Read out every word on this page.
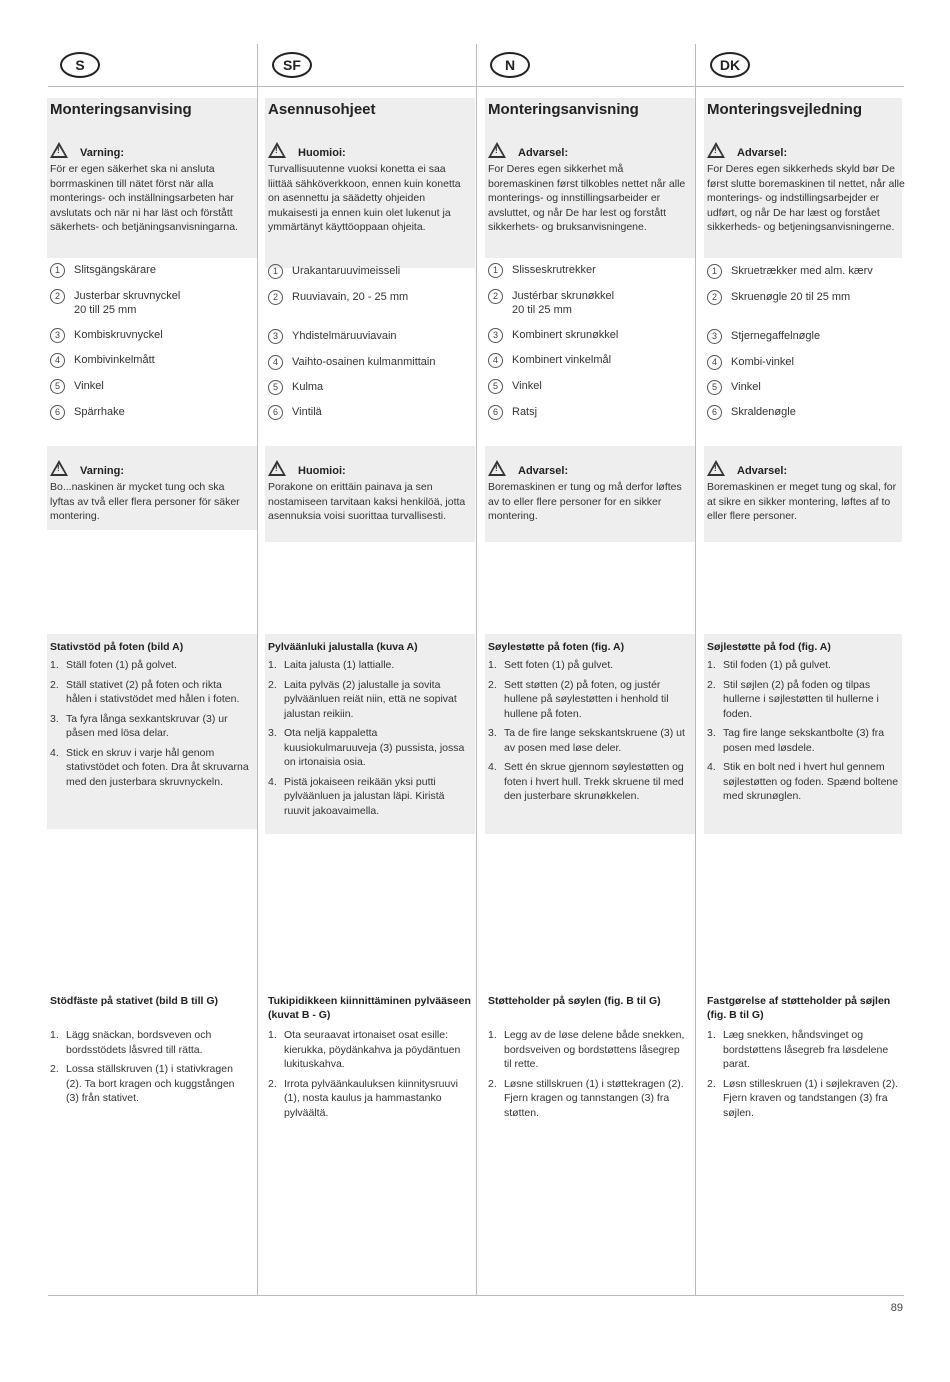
S	SF	N	DK
Monteringsanvising
!Varning:
För er egen säkerhet ska ni ansluta borrmaskinen till nätet först när alla monterings- och inställningsarbeten har avslutats och när ni har läst och förstått säkerhets- och betjäningsanvisningarna.
1	Slitsgängskärare
2	Justerbar skruvnyckel
20 till 25 mm
3	Kombiskruvnyckel
4	Kombivinkelmått
5	Vinkel
6	Spärrhake
!Varning:
Bo...naskinen är mycket tung och ska lyftas av två eller flera personer för säker montering.
Stativstöd på foten (bild A)
1. Ställ foten (1) på golvet.
2. Ställ stativet (2) på foten och rikta hålen i stativstödet med hålen i foten.
3. Ta fyra långa sexkantskruvar (3) ur påsen med lösa delar.
4. Stick en skruv i varje hål genom stativstödet och foten. Dra åt skruvarna med den justerbara skruvnyckeln.
Stödfäste på stativet (bild B till G)
1. Lägg snäckan, bordsveven och bordsstödets låsvred till rätta.
2. Lossa ställskruven (1) i stativkragen (2). Ta bort kragen och kuggstången (3) från stativet.
Asennusohjeet
!Huomioi:
Turvallisuutenne vuoksi konetta ei saa liittää sähköverkkoon, ennen kuin konetta on asennettu ja säädetty ohjeiden mukaisesti ja ennen kuin olet lukenut ja ymmärtänyt käyttöoppaan ohjeita.
1	Urakantaruuvimeisseli
2	Ruuviavain, 20 - 25 mm
3	Yhdistelmäruuviavain
4	Vaihto-osainen kulmanmittain
5	Kulma
6	Vintilä
!Huomioi:
Porakone on erittäin painava ja sen nostamiseen tarvitaan kaksi henkilöä, jotta asennuksia voisi suorittaa turvallisesti.
Pylväänluki jalustalla (kuva A)
1. Laita jalusta (1) lattialle.
2. Laita pylväs (2) jalustalle ja sovita pylväänluen reiät niin, että ne sopivat jalustan reikiin.
3. Ota neljä kappaletta kuusiokulmaruuveja (3) pussista, jossa on irtonaisia osia.
4. Pistä jokaiseen reikään yksi putti pylväänluen ja jalustan läpi. Kiristä ruuvit jakoavaimella.
Tukipidikkeen kiinnittäminen pylvääseen (kuvat B - G)
1. Ota seuraavat irtonaiset osat esille: kierukka, pöydänkahva ja pöydäntuen lukituskahva.
2. Irrota pylväänkauluksen kiinnitysruuvi (1), nosta kaulus ja hammastanko pylväältä.
Monteringsanvisning
!Advarsel:
For Deres egen sikkerhet må boremaskinen først tilkobles nettet når alle monterings- og innstillingsarbeider er avsluttet, og når De har lest og forstått sikkerhets- og bruksanvisningene.
1	Slisseskrutrekker
2	Justérbar skrunøkkel
20 til 25 mm
3	Kombinert skrunøkkel
4	Kombinert vinkelmål
5	Vinkel
6	Ratsj
!Advarsel:
Boremaskinen er tung og må derfor løftes av to eller flere personer for en sikker montering.
Søylestøtte på foten (fig. A)
1. Sett foten (1) på gulvet.
2. Sett støtten (2) på foten, og justér hullene på søylestøtten i henhold til hullene på foten.
3. Ta de fire lange sekskantskruene (3) ut av posen med løse deler.
4. Sett én skrue gjennom søylestøtten og foten i hvert hull. Trekk skruene til med den justerbare skrunøkkelen.
Støtteholder på søylen (fig. B til G)
1. Legg av de løse delene både snekken, bordsveiven og bordstøttens låsegrep til rette.
2. Løsne stillskruen (1) i støttekragen (2). Fjern kragen og tannstangen (3) fra støtten.
Monteringsvejledning
!Advarsel:
For Deres egen sikkerheds skyld bør De først slutte boremaskinen til nettet, når alle monterings- og indstillingsarbejder er udført, og når De har læst og forstået sikkerheds- og betjeningsanvisningerne.
1	Skruetrækker med alm. kærv
2	Skruenøgle 20 til 25 mm
3	Stjernegaffelnøgle
4	Kombi-vinkel
5	Vinkel
6	Skraldenøgle
!Advarsel:
Boremaskinen er meget tung og skal, for at sikre en sikker montering, løftes af to eller flere personer.
Søjlestøtte på fod (fig. A)
1. Stil foden (1) på gulvet.
2. Stil søjlen (2) på foden og tilpas hullerne i søjlestøtten til hullerne i foden.
3. Tag fire lange sekskantbolte (3) fra posen med løsdele.
4. Stik en bolt ned i hvert hul gennem søjlestøtten og foden. Spænd boltene med skrunøglen.
Fastgørelse af støtteholder på søjlen (fig. B til G)
1. Læg snekken, håndsvinget og bordstøttens låsegreb fra løsdelene parat.
2. Løsn stilleskruen (1) i søjlekraven (2). Fjern kraven og tandstangen (3) fra søjlen.
89
